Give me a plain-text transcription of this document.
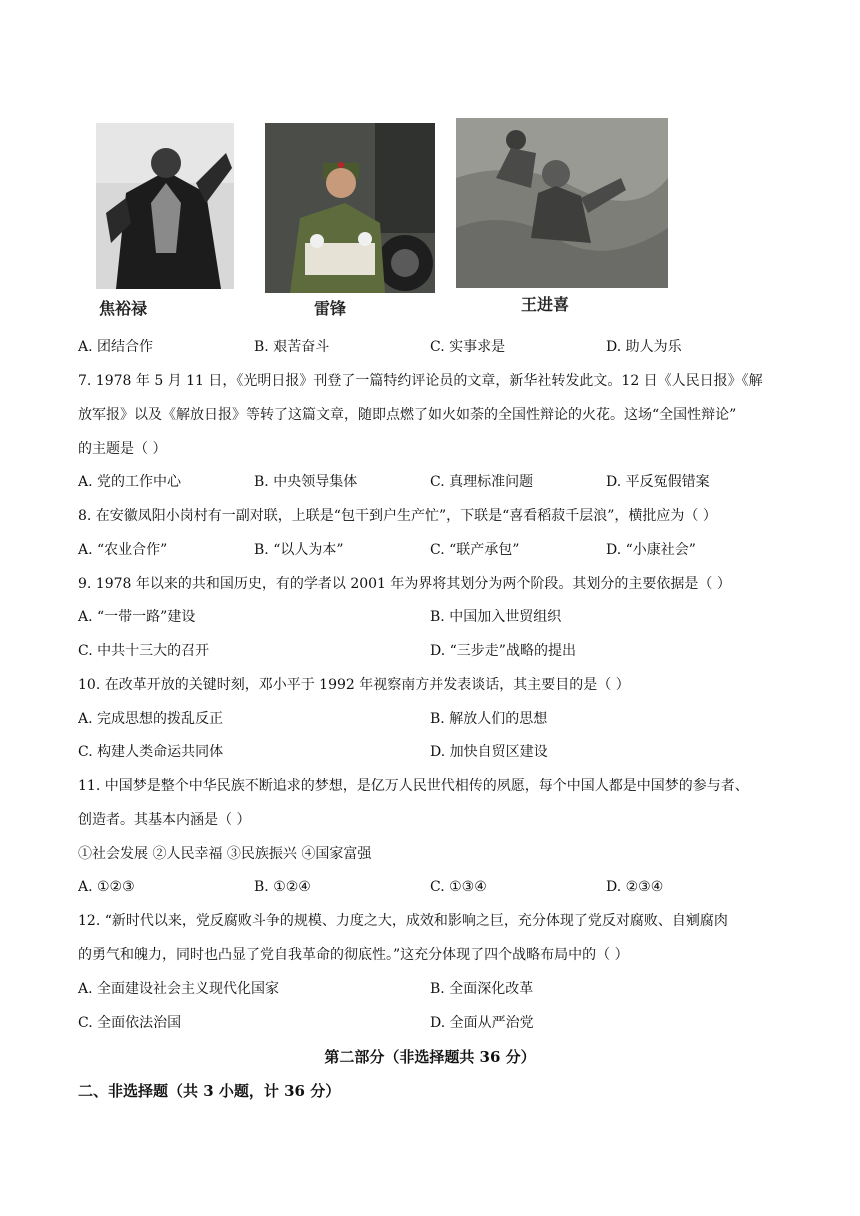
焦裕禄	雷锋	王进喜
A. 团结合作	B. 艰苦奋斗	C. 实事求是	D. 助人为乐
7. 1978 年 5 月 11 日，《光明日报》刊登了一篇特约评论员的文章，新华社转发此文。12 日《人民日报》《解
放军报》以及《解放日报》等转了这篇文章，随即点燃了如火如荼的全国性辩论的火花。这场“全国性辩论”
的主题是（ ）
A. 党的工作中心	B. 中央领导集体	C. 真理标准问题	D. 平反冤假错案
8. 在安徽凤阳小岗村有一副对联，上联是“包干到户生产忙”，下联是“喜看稻菽千层浪”，横批应为（ ）
A. “农业合作”	B. “以人为本”	C. “联产承包”	D. “小康社会”
9. 1978 年以来的共和国历史，有的学者以 2001 年为界将其划分为两个阶段。其划分的主要依据是（ ）
A. “一带一路”建设	B. 中国加入世贸组织
C. 中共十三大的召开	D. “三步走”战略的提出
10. 在改革开放的关键时刻，邓小平于 1992 年视察南方并发表谈话，其主要目的是（ ）
A. 完成思想的拨乱反正	B. 解放人们的思想
C. 构建人类命运共同体	D. 加快自贸区建设
11. 中国梦是整个中华民族不断追求的梦想，是亿万人民世代相传的夙愿，每个中国人都是中国梦的参与者、
创造者。其基本内涵是（ ）
①社会发展 ②人民幸福 ③民族振兴 ④国家富强
A. ①②③	B. ①②④	C. ①③④	D. ②③④
12. “新时代以来，党反腐败斗争的规模、力度之大，成效和影响之巨，充分体现了党反对腐败、自剜腐肉
的勇气和魄力，同时也凸显了党自我革命的彻底性。”这充分体现了四个战略布局中的（ ）
A. 全面建设社会主义现代化国家	B. 全面深化改革
C. 全面依法治国	D. 全面从严治党
第二部分（非选择题共 36 分）
二、非选择题（共 3 小题，计 36 分）
